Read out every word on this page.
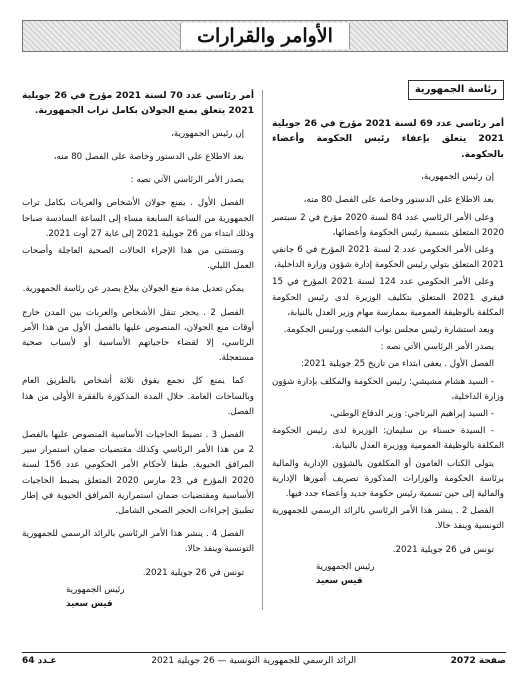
الأوامر والقرارات
رئاسة الجمهورية
أمر رئاسي عدد 69 لسنة 2021 مؤرخ في 26 جويلية 2021 يتعلق بإعفاء رئيس الحكومة وأعضاء بالحكومة.
إن رئيس الجمهورية،
بعد الاطلاع على الدستور وخاصة على الفصل 80 منه،
وعلى الأمر الرئاسي عدد 84 لسنة 2020 مؤرخ في 2 سبتمبر 2020 المتعلق بتسمية رئيس الحكومة وأعضائها،
وعلى الأمر الحكومي عدد 2 لسنة 2021 المؤرخ في 6 جانفي 2021 المتعلق بتولي رئيس الحكومة إدارة شؤون وزارة الداخلية،
وعلى الأمر الحكومي عدد 124 لسنة 2021 المؤرخ في 15 فيفري 2021 المتعلق بتكليف الوزيرة لدى رئيس الحكومة المكلفة بالوظيفة العمومية بممارسة مهام وزير العدل بالنيابة،
وبعد استشارة رئيس مجلس نواب الشعب ورئيس الحكومة.
يصدر الأمر الرئاسي الآتي نصه :
الفصل الأول . يعفى ابتداء من تاريخ 25 جويلية 2021:
- السيد هشام مشيشي: رئيس الحكومة والمكلف بإدارة شؤون وزارة الداخلية،
- السيد إبراهيم البرتاجي: وزير الدفاع الوطني،
- السيدة حسناء بن سليمان: الوزيرة لدى رئيس الحكومة المكلفة بالوظيفة العمومية ووزيرة العدل بالنيابة.
يتولى الكتاب العامون أو المكلفون بالشؤون الإدارية والمالية برئاسة الحكومة والوزارات المذكورة تصريف أمورها الإدارية والمالية إلى حين تسمية رئيس حكومة جديد وأعضاء جدد فيها.
الفصل 2 . ينشر هذا الأمر الرئاسي بالرائد الرسمي للجمهورية التونسية وينفذ حالا.
تونس في 26 جويلية 2021.
رئيس الجمهورية
قيس سعيد
أمر رئاسي عدد 70 لسنة 2021 مؤرخ في 26 جويلية 2021 يتعلق بمنع الجولان بكامل تراب الجمهورية.
إن رئيس الجمهورية،
بعد الاطلاع على الدستور وخاصة على الفصل 80 منه،
يصدر الأمر الرئاسي الآتي نصه :
الفصل الأول . يمنع جولان الأشخاص والعربات بكامل تراب الجمهورية من الساعة السابعة مساء إلى الساعة السادسة صباحا وذلك ابتداء من 26 جويلية 2021 إلى غاية 27 أوت 2021.
وتستثنى من هذا الإجراء الحالات الصحية العاجلة وأصحاب العمل الليلي.
يمكن تعديل مدة منع الجولان ببلاغ يصدر عن رئاسة الجمهورية.
الفصل 2 . يحجر تنقل الأشخاص والعربات بين المدن خارج أوقات منع الجولان، المنصوص عليها بالفصل الأول من هذا الأمر الرئاسي، إلا لقضاء حاجياتهم الأساسية أو لأسباب صحية مستعجلة.
كما يمنع كل تجمع يفوق ثلاثة أشخاص بالطريق العام وبالساحات العامة. خلال المدة المذكورة بالفقرة الأولى من هذا الفصل.
الفصل 3 . تضبط الحاجيات الأساسية المنصوص عليها بالفصل 2 من هذا الأمر الرئاسي وكذلك مقتضيات ضمان استمرار سير المرافق الحيوية. طبقا لأحكام الأمر الحكومي عدد 156 لسنة 2020 المؤرخ في 23 مارس 2020 المتعلق بضبط الحاجيات الأساسية ومقتضيات ضمان استمرارية المرافق الحيوية في إطار تطبيق إجراءات الحجر الصحي الشامل.
الفصل 4 . ينشر هذا الأمر الرئاسي بالرائد الرسمي للجمهورية التونسية وينفذ حالا.
تونس في 26 جويلية 2021.
رئيس الجمهورية
قيس سعيد
صفحة 2072
الرائد الرسمي للجمهورية التونسية — 26 جويلية 2021
عـدد 64
